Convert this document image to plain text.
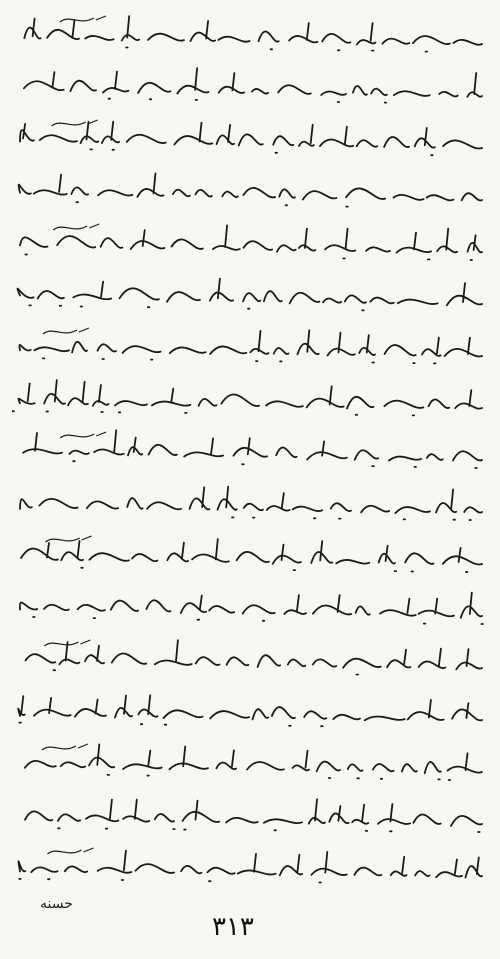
حسنه
٣١٣
